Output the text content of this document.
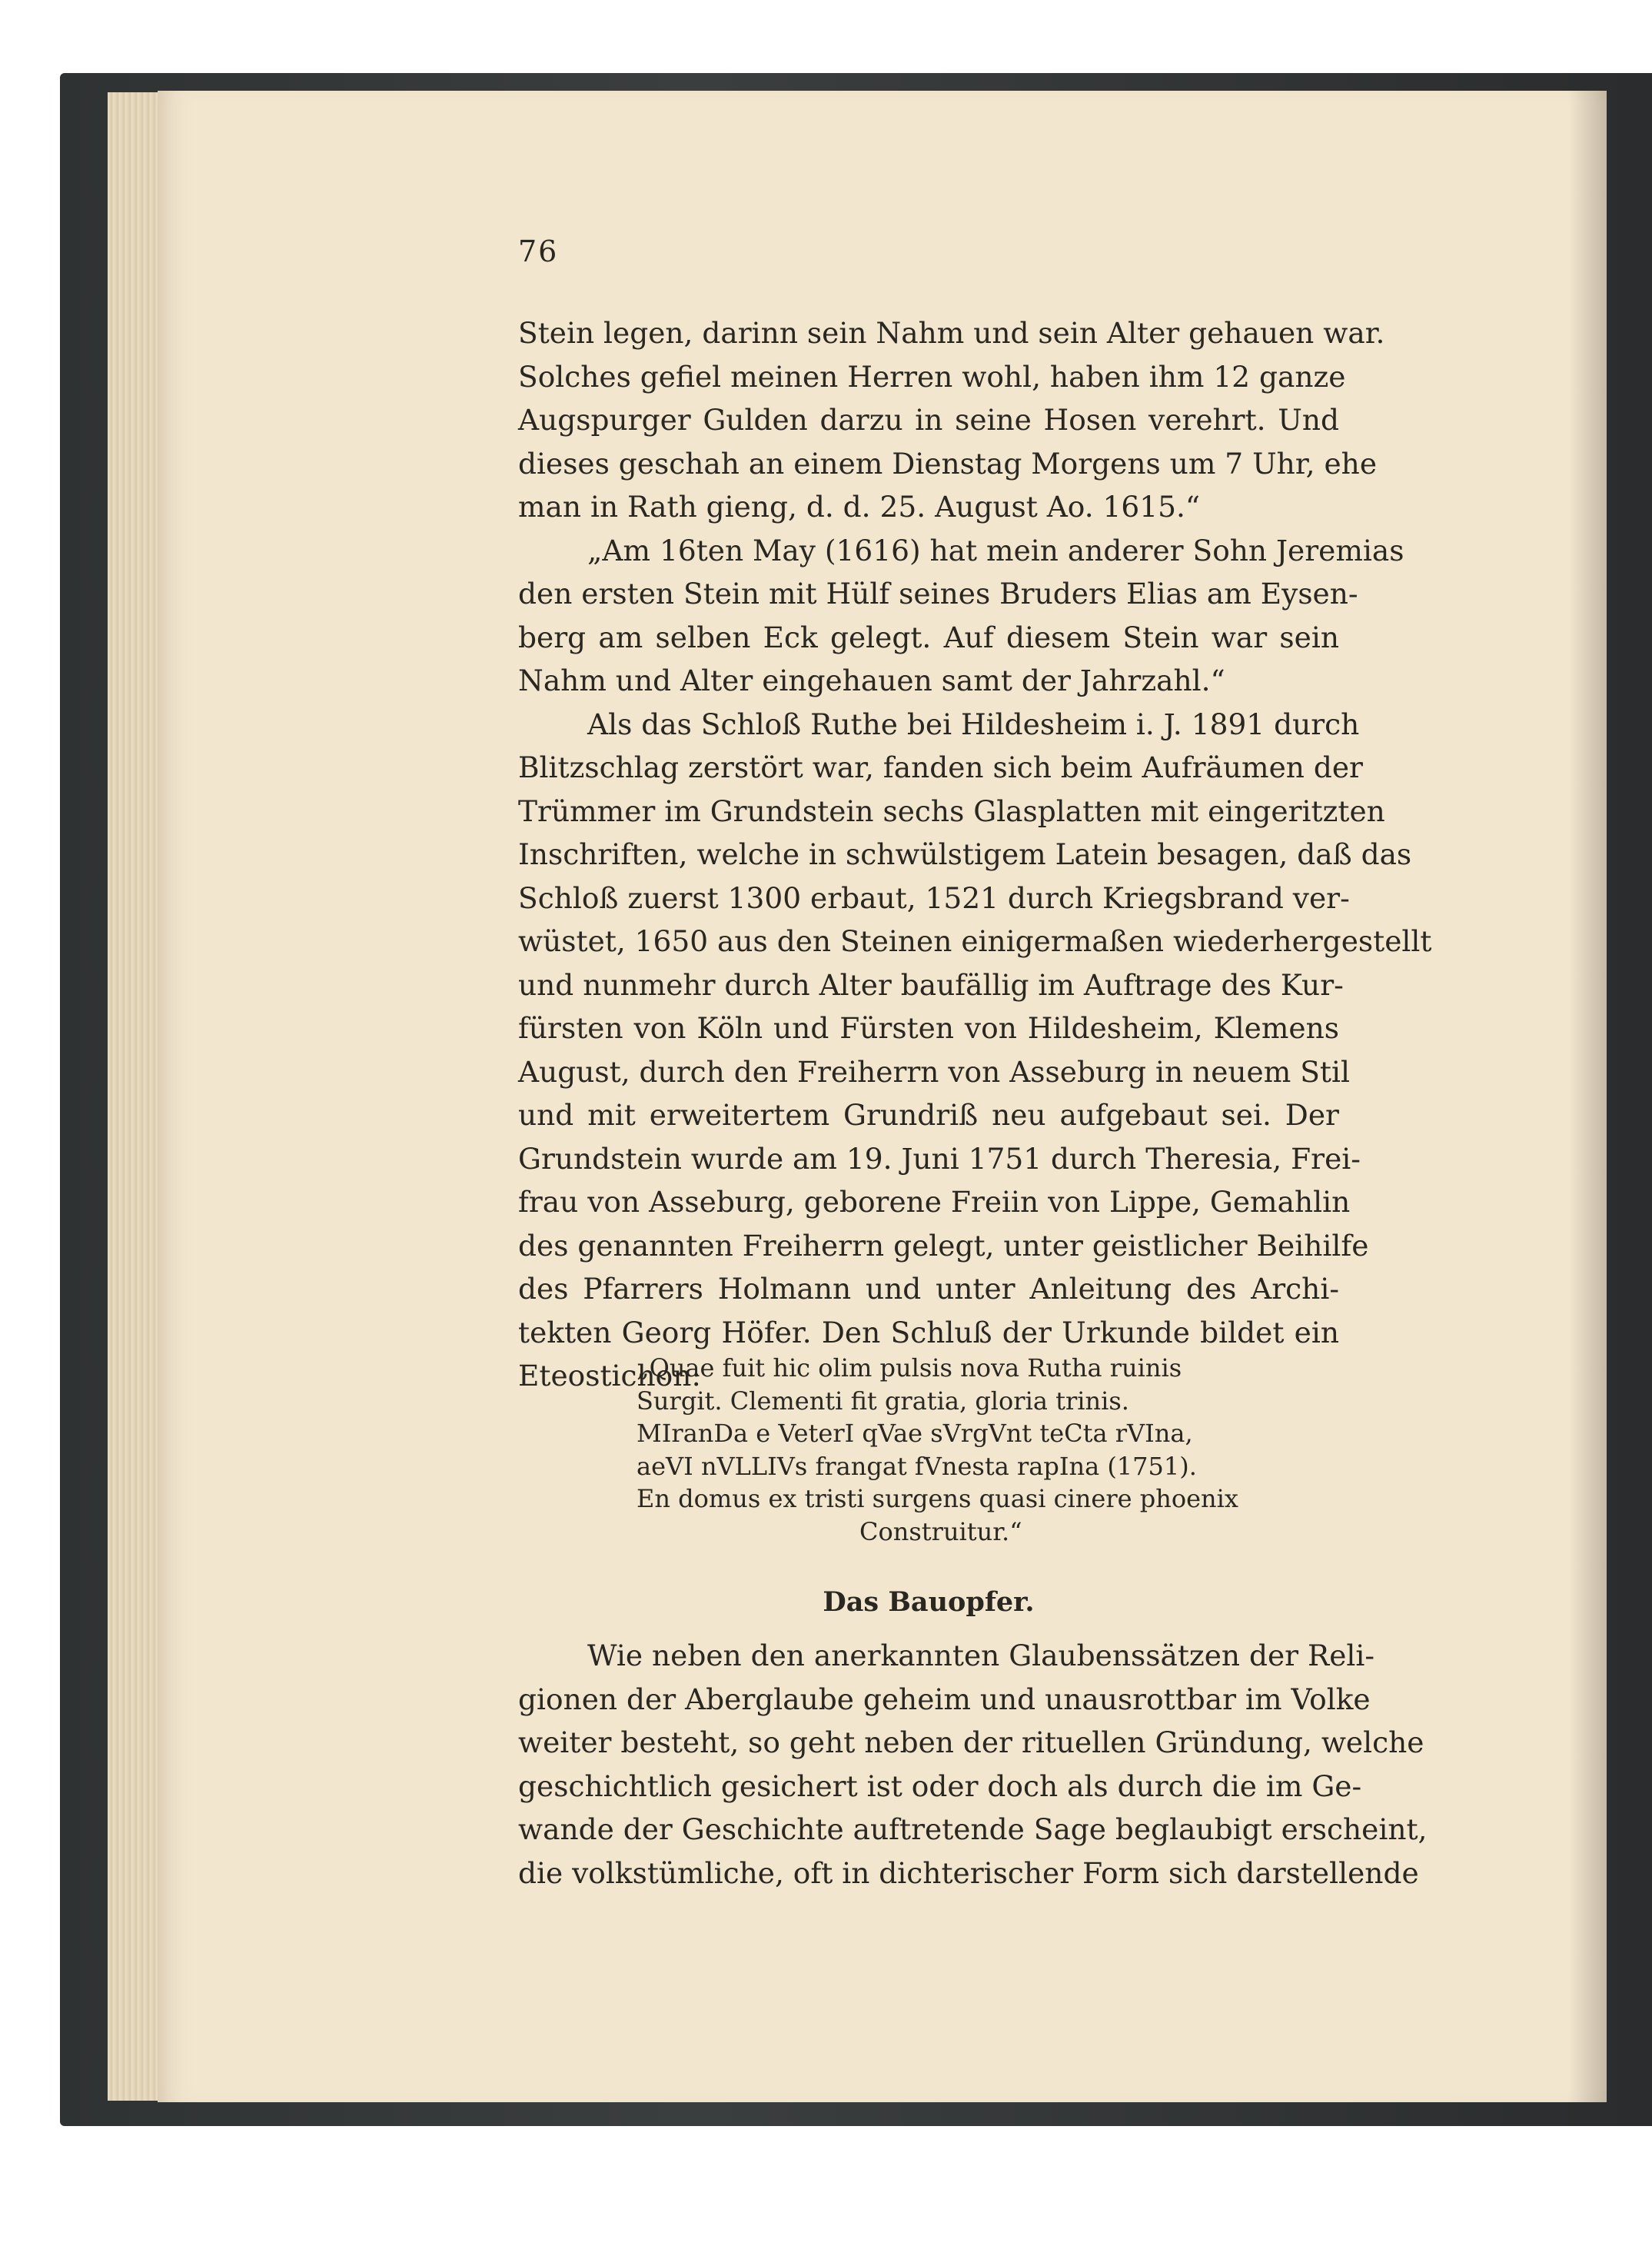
76
Stein legen, darinn sein Nahm und sein Alter gehauen war.
Solches gefiel meinen Herren wohl, haben ihm 12 ganze
Augspurger Gulden darzu in seine Hosen verehrt. Und
dieses geschah an einem Dienstag Morgens um 7 Uhr, ehe
man in Rath gieng, d. d. 25. August Ao. 1615.“
„Am 16ten May (1616) hat mein anderer Sohn Jeremias
den ersten Stein mit Hülf seines Bruders Elias am Eysen-
berg am selben Eck gelegt. Auf diesem Stein war sein
Nahm und Alter eingehauen samt der Jahrzahl.“
Als das Schloß Ruthe bei Hildesheim i. J. 1891 durch
Blitzschlag zerstört war, fanden sich beim Aufräumen der
Trümmer im Grundstein sechs Glasplatten mit eingeritzten
Inschriften, welche in schwülstigem Latein besagen, daß das
Schloß zuerst 1300 erbaut, 1521 durch Kriegsbrand ver-
wüstet, 1650 aus den Steinen einigermaßen wiederhergestellt
und nunmehr durch Alter baufällig im Auftrage des Kur-
fürsten von Köln und Fürsten von Hildesheim, Klemens
August, durch den Freiherrn von Asseburg in neuem Stil
und mit erweitertem Grundriß neu aufgebaut sei. Der
Grundstein wurde am 19. Juni 1751 durch Theresia, Frei-
frau von Asseburg, geborene Freiin von Lippe, Gemahlin
des genannten Freiherrn gelegt, unter geistlicher Beihilfe
des Pfarrers Holmann und unter Anleitung des Archi-
tekten Georg Höfer. Den Schluß der Urkunde bildet ein
Eteostichon:
„Quae fuit hic olim pulsis nova Rutha ruinis
Surgit. Clementi fit gratia, gloria trinis.
MIranDa e VeterI qVae sVrgVnt teCta rVIna,
aeVI nVLLIVs frangat fVnesta rapIna (1751).
En domus ex tristi surgens quasi cinere phoenix
Construitur.“
Das Bauopfer.
Wie neben den anerkannten Glaubenssätzen der Reli-
gionen der Aberglaube geheim und unausrottbar im Volke
weiter besteht, so geht neben der rituellen Gründung, welche
geschichtlich gesichert ist oder doch als durch die im Ge-
wande der Geschichte auftretende Sage beglaubigt erscheint,
die volkstümliche, oft in dichterischer Form sich darstellende
